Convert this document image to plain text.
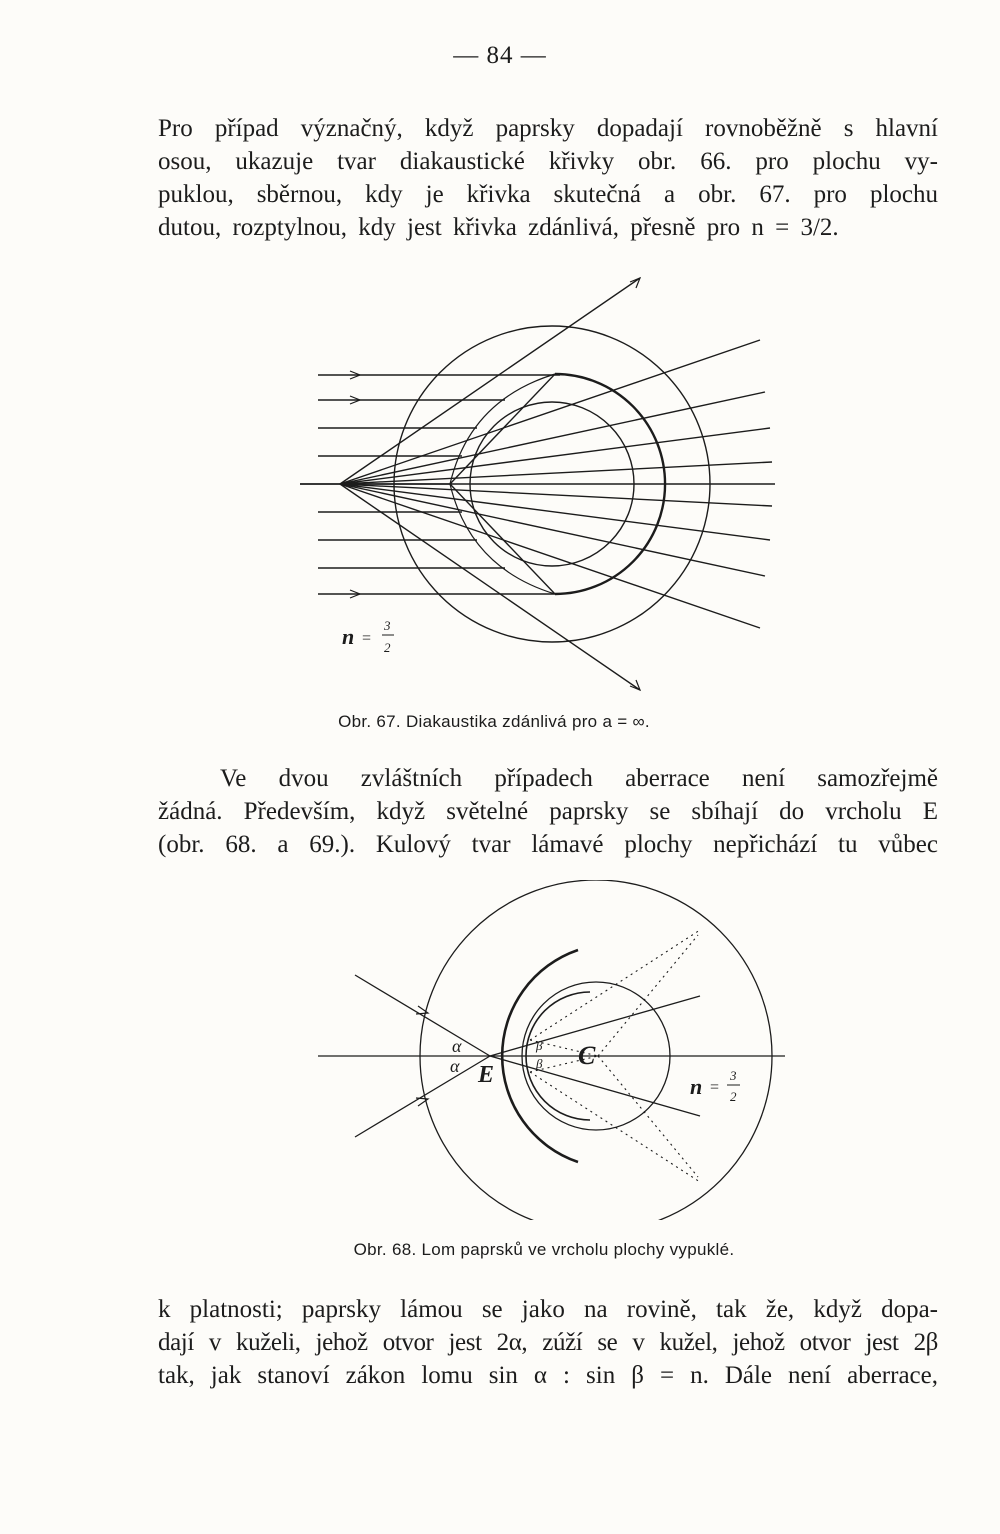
— 84 —

Pro případ význačný, když paprsky dopadají rovnoběžně s hlavní
osou, ukazuje tvar diakaustické křivky obr. 66. pro plochu vy-
puklou, sběrnou, kdy je křivka skutečná a obr. 67. pro plochu
dutou, rozptylnou, kdy jest křivka zdánlivá, přesně pro n = 3/2.

n =
3
2
Obr. 67. Diakaustika zdánlivá pro a = ∞.

Ve dvou zvláštních případech aberrace není samozřejmě
žádná. Především, když světelné paprsky se sbíhají do vrcholu E
(obr. 68. a 69.). Kulový tvar lámavé plochy nepřichází tu vůbec

α
α
β
β C
E	n =
3
2
Obr. 68. Lom paprsků ve vrcholu plochy vypuklé.

k platnosti; paprsky lámou se jako na rovině, tak že, když dopa-
dají v kuželi, jehož otvor jest 2α, zúží se v kužel, jehož otvor jest 2β
tak, jak stanoví zákon lomu sin α : sin β = n. Dále není aberrace,
